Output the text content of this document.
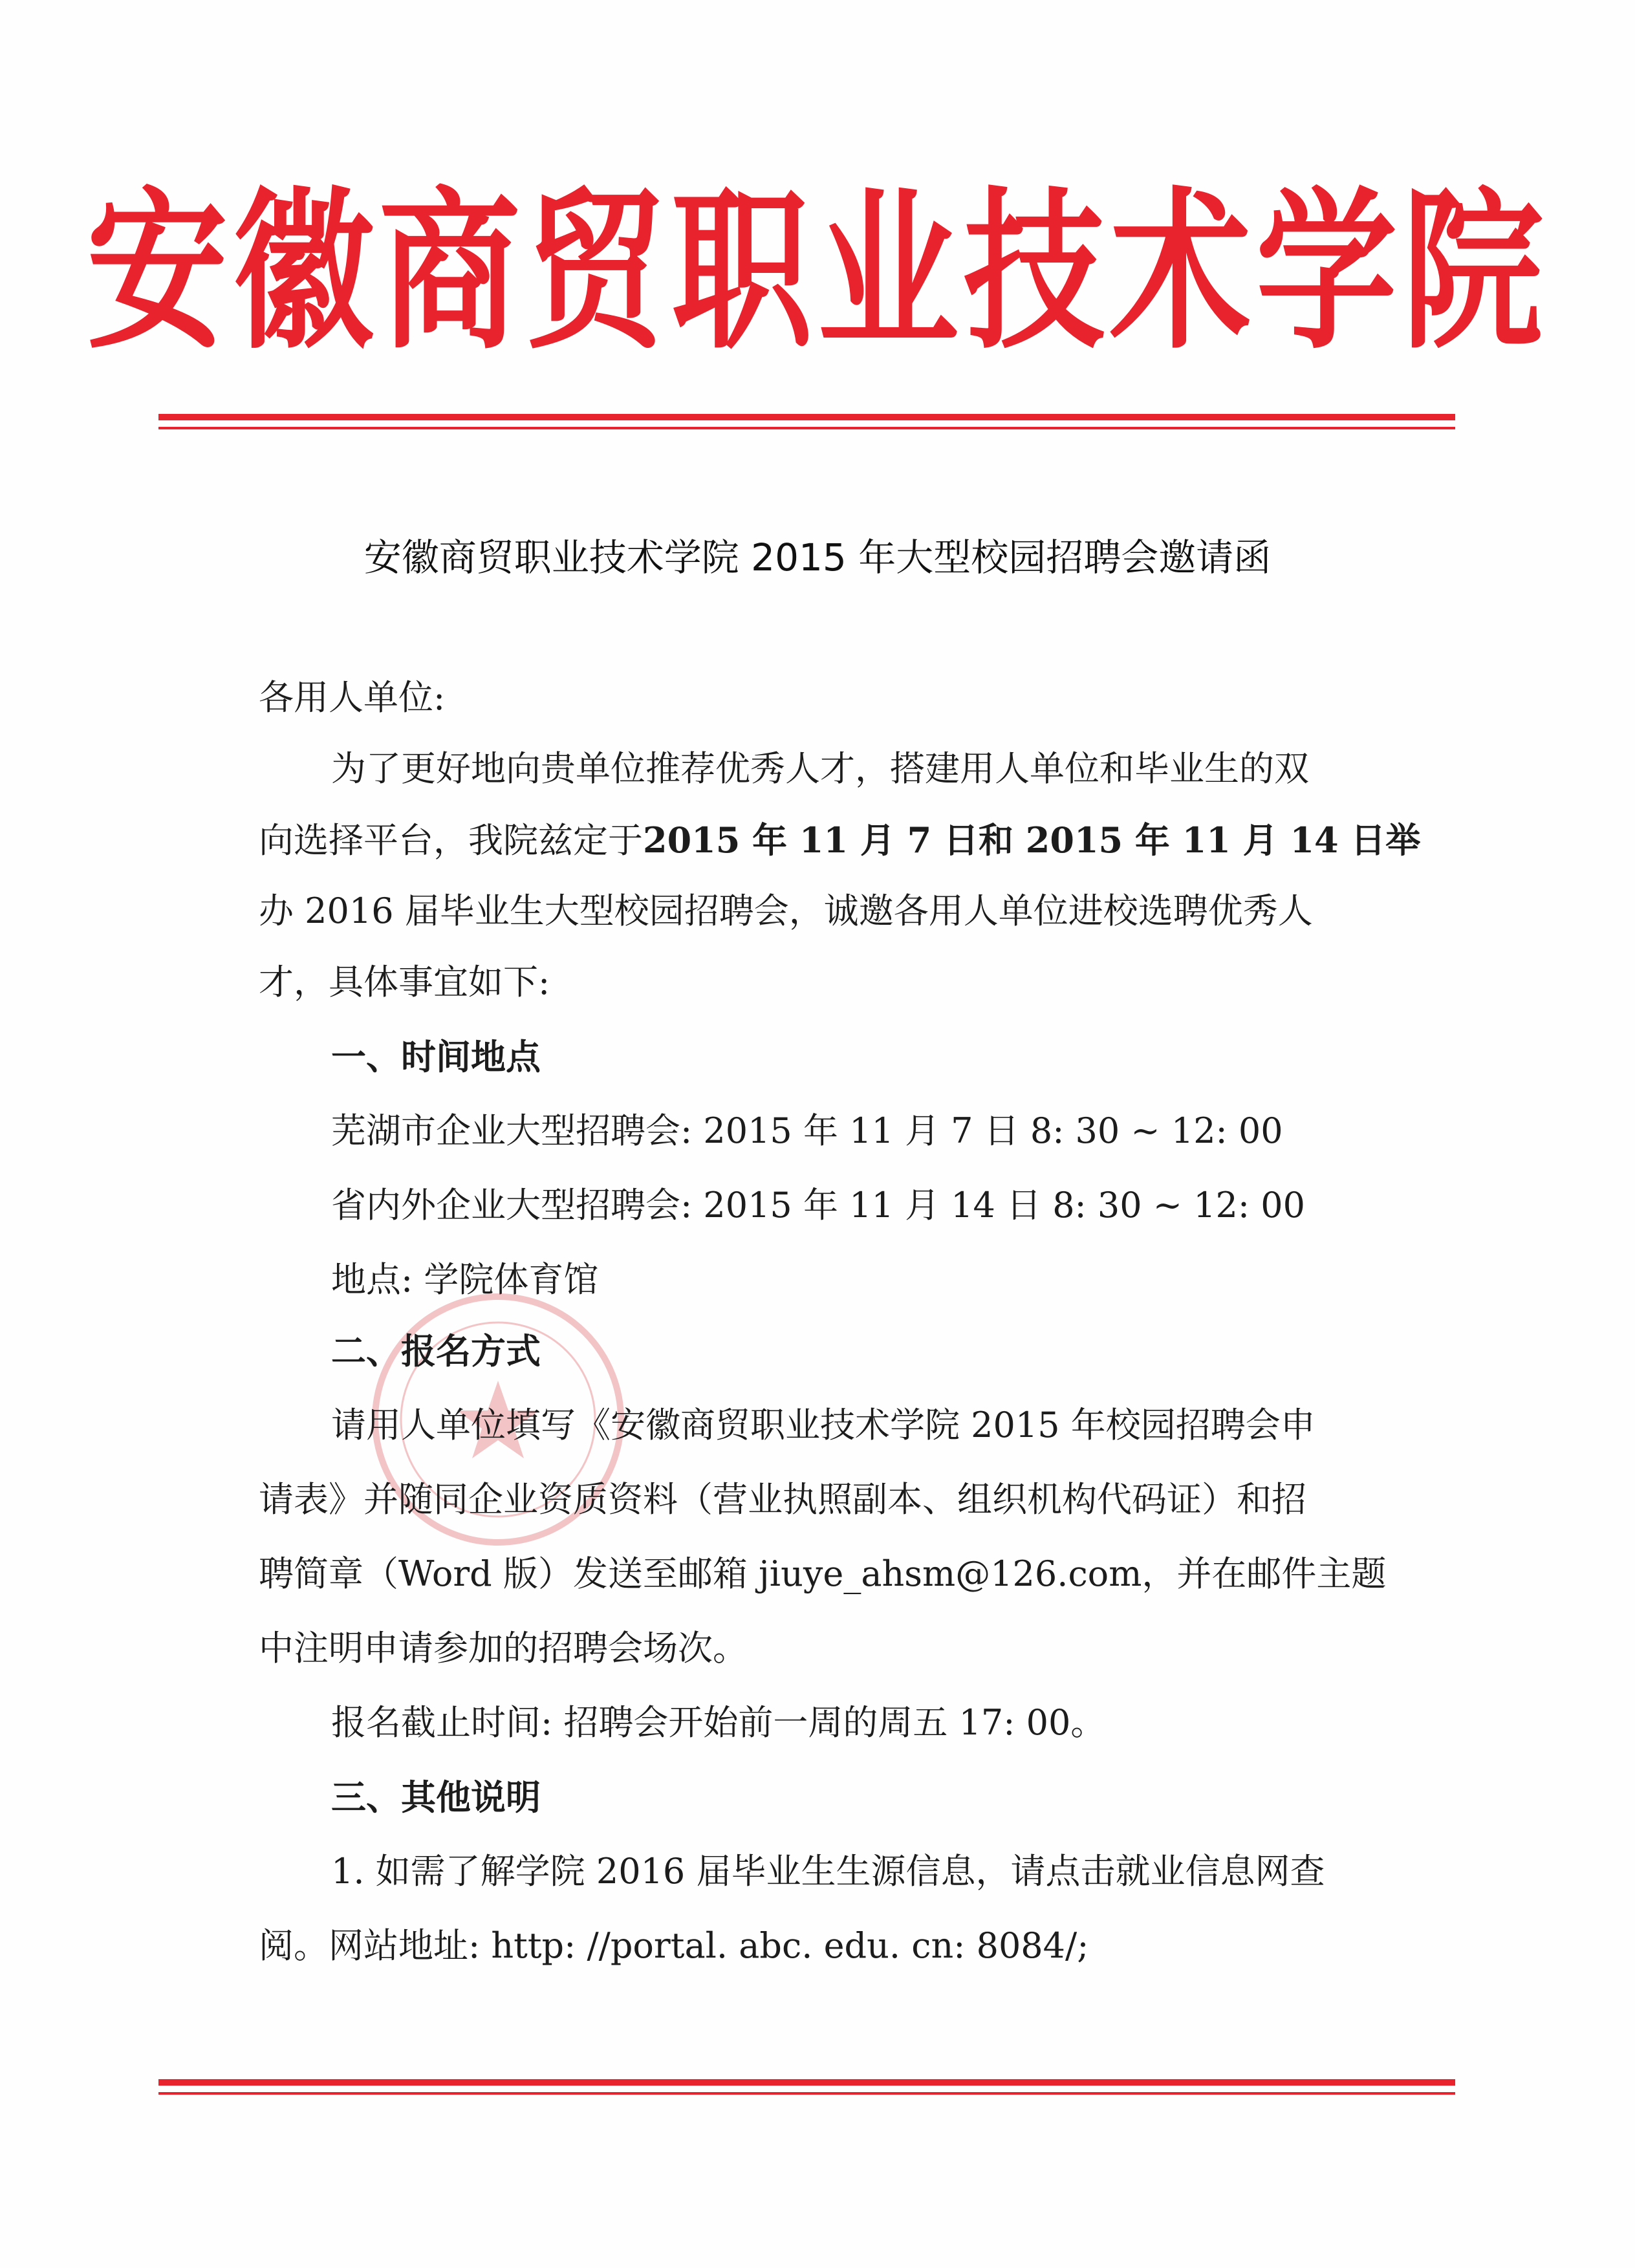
安徽商贸职业技术学院
安徽商贸职业技术学院 2015 年大型校园招聘会邀请函
各用人单位:
为了更好地向贵单位推荐优秀人才，搭建用人单位和毕业生的双
向选择平台，我院兹定于2015 年 11 月 7 日和 2015 年 11 月 14 日举
办 2016 届毕业生大型校园招聘会，诚邀各用人单位进校选聘优秀人
才，具体事宜如下:
一、时间地点
芜湖市企业大型招聘会: 2015 年 11 月 7 日 8: 30 ~ 12: 00
省内外企业大型招聘会: 2015 年 11 月 14 日 8: 30 ~ 12: 00
地点: 学院体育馆
二、报名方式
请用人单位填写《安徽商贸职业技术学院 2015 年校园招聘会申
请表》并随同企业资质资料（营业执照副本、组织机构代码证）和招
聘简章（Word 版）发送至邮箱 jiuye_ahsm@126.com，并在邮件主题
中注明申请参加的招聘会场次。
报名截止时间: 招聘会开始前一周的周五 17: 00。
三、其他说明
1. 如需了解学院 2016 届毕业生生源信息，请点击就业信息网查
阅。网站地址: http: //portal. abc. edu. cn: 8084/;
